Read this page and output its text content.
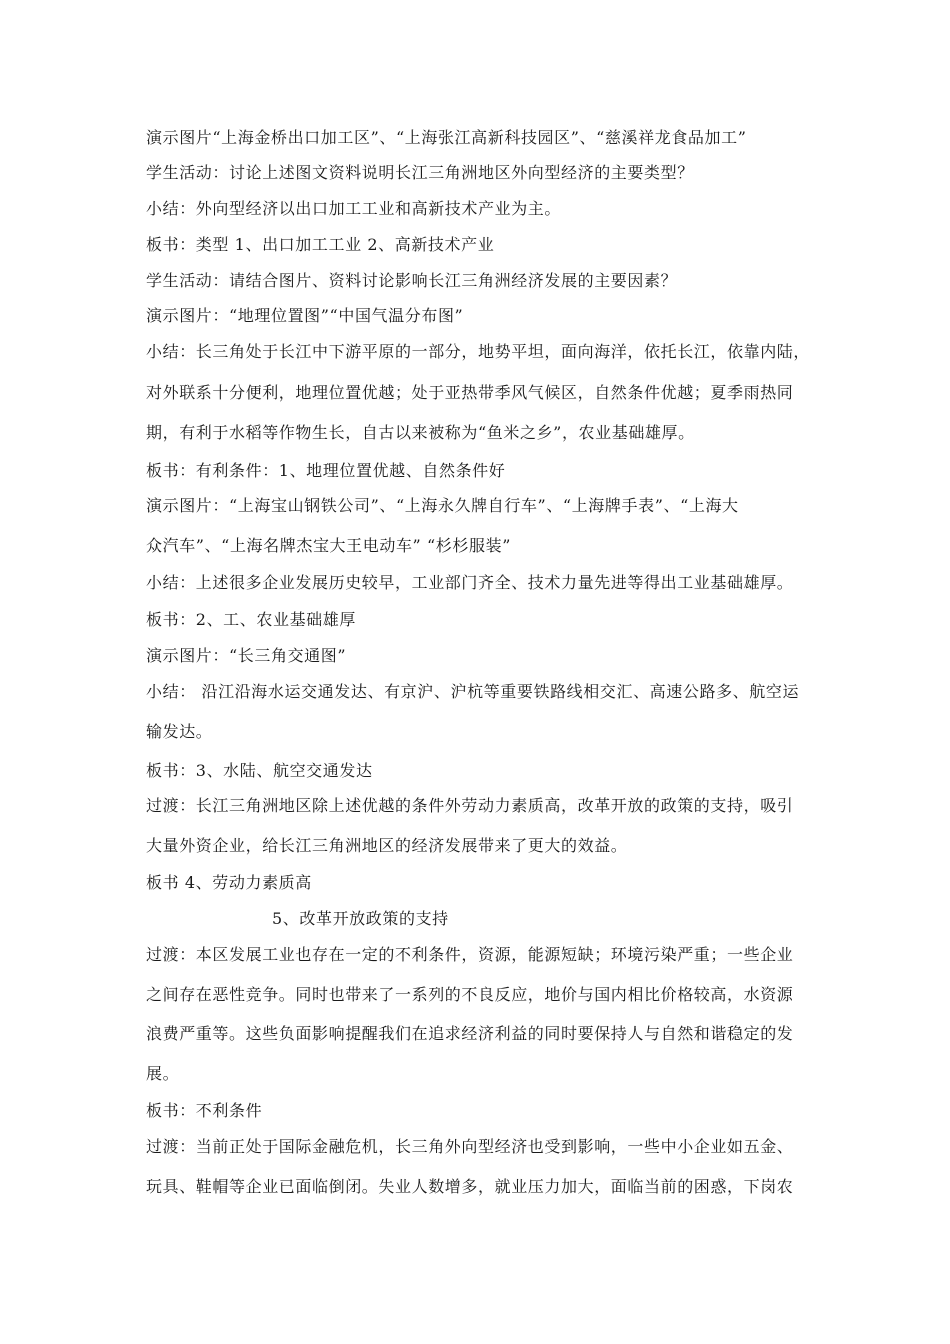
演示图片“上海金桥出口加工区”、“上海张江高新科技园区”、“慈溪祥龙食品加工”
学生活动：讨论上述图文资料说明长江三角洲地区外向型经济的主要类型？
小结：外向型经济以出口加工工业和高新技术产业为主。
板书：类型 1、出口加工工业 2、高新技术产业
学生活动：请结合图片、资料讨论影响长江三角洲经济发展的主要因素？
演示图片：“地理位置图”“中国气温分布图”
小结：长三角处于长江中下游平原的一部分，地势平坦，面向海洋，依托长江，依靠内陆，
对外联系十分便利，地理位置优越；处于亚热带季风气候区，自然条件优越；夏季雨热同
期，有利于水稻等作物生长，自古以来被称为“鱼米之乡”，农业基础雄厚。
板书：有利条件：1、地理位置优越、自然条件好
演示图片：“上海宝山钢铁公司”、“上海永久牌自行车”、“上海牌手表”、“上海大
众汽车”、“上海名牌杰宝大王电动车” “杉杉服装”
小结：上述很多企业发展历史较早，工业部门齐全、技术力量先进等得出工业基础雄厚。
板书：2、工、农业基础雄厚
演示图片：“长三角交通图”
小结： 沿江沿海水运交通发达、有京沪、沪杭等重要铁路线相交汇、高速公路多、航空运
输发达。
板书：3、水陆、航空交通发达
过渡：长江三角洲地区除上述优越的条件外劳动力素质高，改革开放的政策的支持，吸引
大量外资企业，给长江三角洲地区的经济发展带来了更大的效益。
板书 4、劳动力素质高
5、改革开放政策的支持
过渡：本区发展工业也存在一定的不利条件，资源，能源短缺；环境污染严重；一些企业
之间存在恶性竞争。同时也带来了一系列的不良反应，地价与国内相比价格较高，水资源
浪费严重等。这些负面影响提醒我们在追求经济利益的同时要保持人与自然和谐稳定的发
展。
板书：不利条件
过渡：当前正处于国际金融危机，长三角外向型经济也受到影响，一些中小企业如五金、
玩具、鞋帽等企业已面临倒闭。失业人数增多，就业压力加大，面临当前的困惑，下岗农
